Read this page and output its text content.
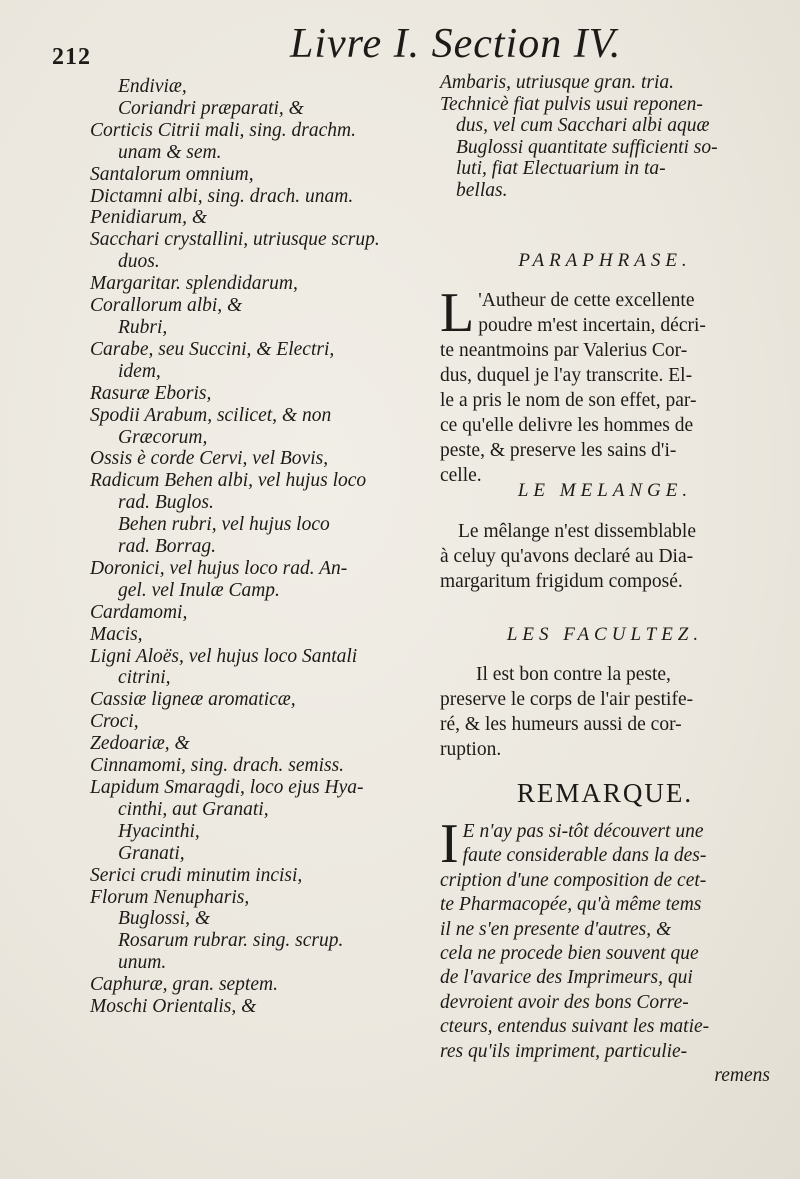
212	Livre I. Section IV.
Endiviæ,
Coriandri præparati, &
Corticis Citrii mali, sing. drachm.
unam & sem.
Santalorum omnium,
Dictamni albi, sing. drach. unam.
Penidiarum, &
Sacchari crystallini, utriusque scrup.
duos.
Margaritar. splendidarum,
Corallorum albi, &
Rubri,
Carabe, seu Succini, & Electri,
idem,
Rasuræ Eboris,
Spodii Arabum, scilicet, & non
Græcorum,
Ossis è corde Cervi, vel Bovis,
Radicum Behen albi, vel hujus loco
rad. Buglos.
Behen rubri, vel hujus loco
rad. Borrag.
Doronici, vel hujus loco rad. An-
gel. vel Inulæ Camp.
Cardamomi,
Macis,
Ligni Aloës, vel hujus loco Santali
citrini,
Cassiæ ligneæ aromaticæ,
Croci,
Zedoariæ, &
Cinnamomi, sing. drach. semiss.
Lapidum Smaragdi, loco ejus Hya-
cinthi, aut Granati,
Hyacinthi,
Granati,
Serici crudi minutim incisi,
Florum Nenupharis,
Buglossi, &
Rosarum rubrar. sing. scrup.
unum.
Caphuræ, gran. septem.
Moschi Orientalis, &
Ambaris, utriusque gran. tria.
Technicè fiat pulvis usui reponen-
dus, vel cum Sacchari albi aquæ
Buglossi quantitate sufficienti so-
luti, fiat Electuarium in ta-
bellas.
PARAPHRASE.
L 'Autheur de cette excellente
poudre m'est incertain, décri-
te neantmoins par Valerius Cor-
dus, duquel je l'ay transcrite. El-
le a pris le nom de son effet, par-
ce qu'elle delivre les hommes de
peste, & preserve les sains d'i-
celle.
LE MELANGE.
Le mêlange n'est dissemblable
à celuy qu'avons declaré au Dia-
margaritum frigidum composé.
LES FACULTEZ.
Il est bon contre la peste,
preserve le corps de l'air pestife-
ré, & les humeurs aussi de cor-
ruption.
REMARQUE.
I E n'ay pas si-tôt découvert une
faute considerable dans la des-
cription d'une composition de cet-
te Pharmacopée, qu'à même tems
il ne s'en presente d'autres, &
cela ne procede bien souvent que
de l'avarice des Imprimeurs, qui
devroient avoir des bons Corre-
cteurs, entendus suivant les matie-
res qu'ils impriment, particulie-
remens
